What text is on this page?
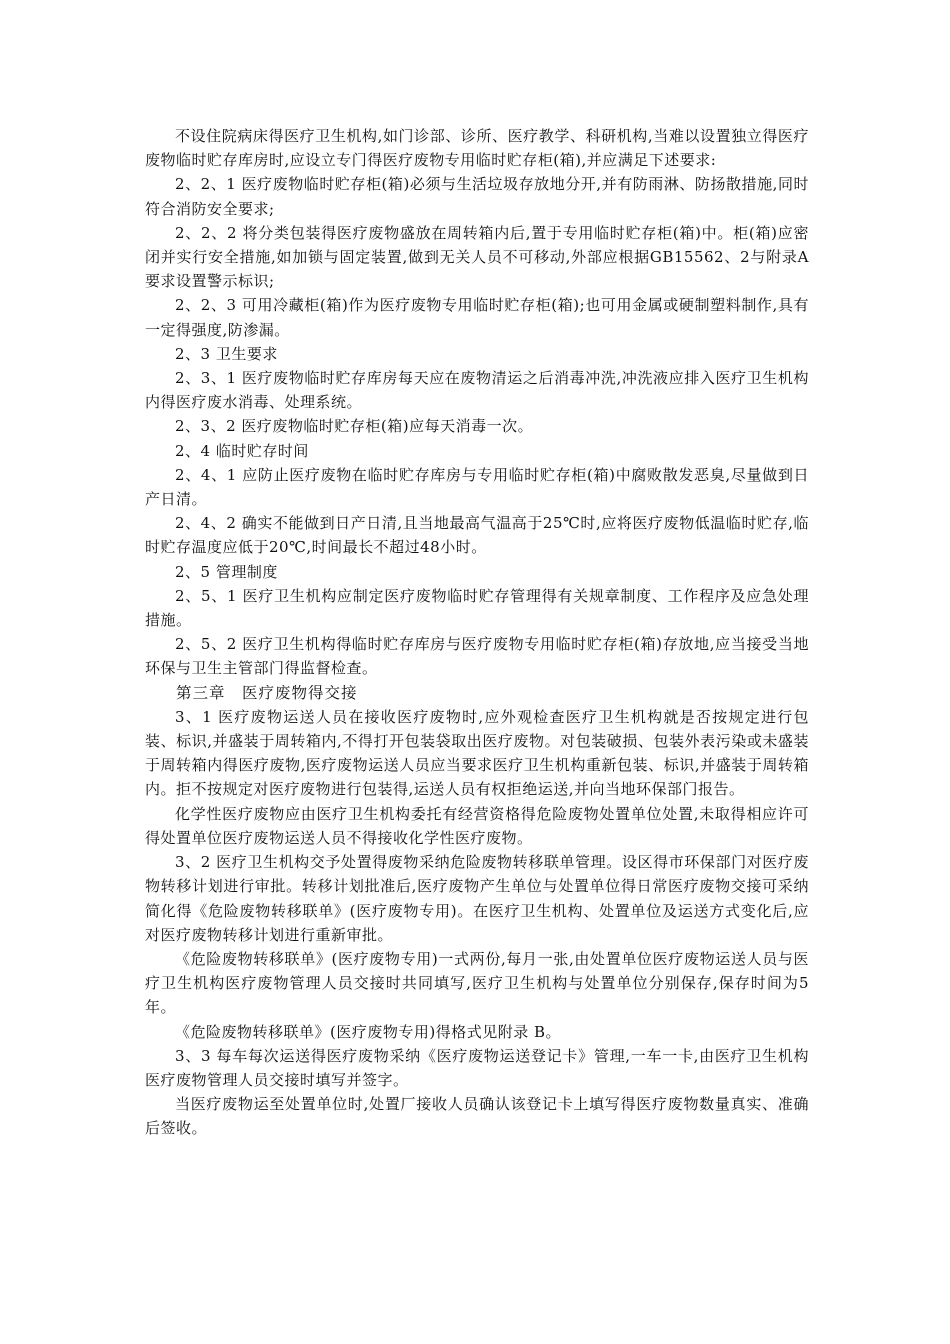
不设住院病床得医疗卫生机构,如门诊部、诊所、医疗教学、科研机构,当难以设置独立得医疗废物临时贮存库房时,应设立专门得医疗废物专用临时贮存柜(箱),并应满足下述要求:

2、2、1 医疗废物临时贮存柜(箱)必须与生活垃圾存放地分开,并有防雨淋、防扬散措施,同时符合消防安全要求;

2、2、2 将分类包装得医疗废物盛放在周转箱内后,置于专用临时贮存柜(箱)中。柜(箱)应密闭并实行安全措施,如加锁与固定装置,做到无关人员不可移动,外部应根据GB15562、2与附录A要求设置警示标识;

2、2、3 可用冷藏柜(箱)作为医疗废物专用临时贮存柜(箱);也可用金属或硬制塑料制作,具有一定得强度,防渗漏。

2、3 卫生要求

2、3、1 医疗废物临时贮存库房每天应在废物清运之后消毒冲洗,冲洗液应排入医疗卫生机构内得医疗废水消毒、处理系统。

2、3、2 医疗废物临时贮存柜(箱)应每天消毒一次。

2、4 临时贮存时间

2、4、1 应防止医疗废物在临时贮存库房与专用临时贮存柜(箱)中腐败散发恶臭,尽量做到日产日清。

2、4、2 确实不能做到日产日清,且当地最高气温高于25℃时,应将医疗废物低温临时贮存,临时贮存温度应低于20℃,时间最长不超过48小时。

2、5 管理制度

2、5、1 医疗卫生机构应制定医疗废物临时贮存管理得有关规章制度、工作程序及应急处理措施。

2、5、2 医疗卫生机构得临时贮存库房与医疗废物专用临时贮存柜(箱)存放地,应当接受当地环保与卫生主管部门得监督检查。

第三章　医疗废物得交接

3、1 医疗废物运送人员在接收医疗废物时,应外观检查医疗卫生机构就是否按规定进行包装、标识,并盛装于周转箱内,不得打开包装袋取出医疗废物。对包装破损、包装外表污染或未盛装于周转箱内得医疗废物,医疗废物运送人员应当要求医疗卫生机构重新包装、标识,并盛装于周转箱内。拒不按规定对医疗废物进行包装得,运送人员有权拒绝运送,并向当地环保部门报告。

化学性医疗废物应由医疗卫生机构委托有经营资格得危险废物处置单位处置,未取得相应许可得处置单位医疗废物运送人员不得接收化学性医疗废物。

3、2 医疗卫生机构交予处置得废物采纳危险废物转移联单管理。设区得市环保部门对医疗废物转移计划进行审批。转移计划批准后,医疗废物产生单位与处置单位得日常医疗废物交接可采纳简化得《危险废物转移联单》(医疗废物专用)。在医疗卫生机构、处置单位及运送方式变化后,应对医疗废物转移计划进行重新审批。

《危险废物转移联单》(医疗废物专用)一式两份,每月一张,由处置单位医疗废物运送人员与医疗卫生机构医疗废物管理人员交接时共同填写,医疗卫生机构与处置单位分别保存,保存时间为5年。

《危险废物转移联单》(医疗废物专用)得格式见附录 B。

3、3 每车每次运送得医疗废物采纳《医疗废物运送登记卡》管理,一车一卡,由医疗卫生机构医疗废物管理人员交接时填写并签字。

当医疗废物运至处置单位时,处置厂接收人员确认该登记卡上填写得医疗废物数量真实、准确后签收。
